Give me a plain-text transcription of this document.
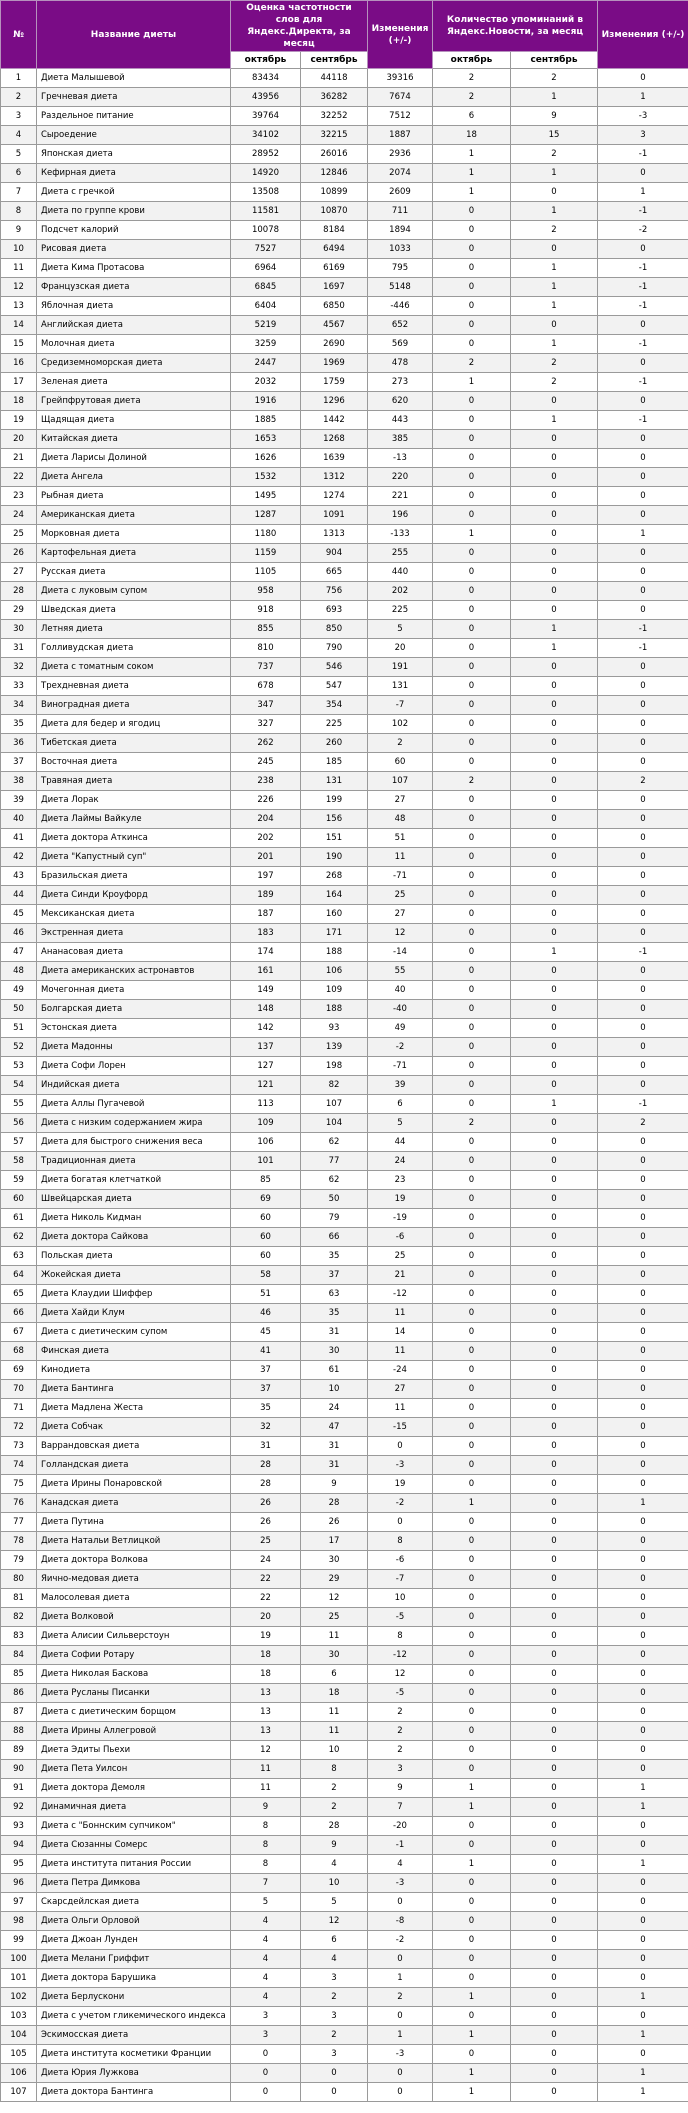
№	Название диеты	Оценка частотности слов для Яндекс.Директа, за месяц		Изменения (+/-)	Количество упоминаний в Яндекс.Новости, за месяц		Изменения (+/-)
		октябрь	сентябрь		октябрь	сентябрь	
1	Диета Малышевой	83434	44118	39316	2	2	0
2	Гречневая диета	43956	36282	7674	2	1	1
3	Раздельное питание	39764	32252	7512	6	9	-3
4	Сыроедение	34102	32215	1887	18	15	3
5	Японская диета	28952	26016	2936	1	2	-1
6	Кефирная диета	14920	12846	2074	1	1	0
7	Диета с гречкой	13508	10899	2609	1	0	1
8	Диета по группе крови	11581	10870	711	0	1	-1
9	Подсчет калорий	10078	8184	1894	0	2	-2
10	Рисовая диета	7527	6494	1033	0	0	0
11	Диета Кима Протасова	6964	6169	795	0	1	-1
12	Французская диета	6845	1697	5148	0	1	-1
13	Яблочная диета	6404	6850	-446	0	1	-1
14	Английская диета	5219	4567	652	0	0	0
15	Молочная диета	3259	2690	569	0	1	-1
16	Средиземноморская диета	2447	1969	478	2	2	0
17	Зеленая диета	2032	1759	273	1	2	-1
18	Грейпфрутовая диета	1916	1296	620	0	0	0
19	Щадящая диета	1885	1442	443	0	1	-1
20	Китайская диета	1653	1268	385	0	0	0
21	Диета Ларисы Долиной	1626	1639	-13	0	0	0
22	Диета Ангела	1532	1312	220	0	0	0
23	Рыбная диета	1495	1274	221	0	0	0
24	Американская диета	1287	1091	196	0	0	0
25	Морковная диета	1180	1313	-133	1	0	1
26	Картофельная диета	1159	904	255	0	0	0
27	Русская диета	1105	665	440	0	0	0
28	Диета с луковым супом	958	756	202	0	0	0
29	Шведская диета	918	693	225	0	0	0
30	Летняя диета	855	850	5	0	1	-1
31	Голливудская диета	810	790	20	0	1	-1
32	Диета с томатным соком	737	546	191	0	0	0
33	Трехдневная диета	678	547	131	0	0	0
34	Виноградная диета	347	354	-7	0	0	0
35	Диета для бедер и ягодиц	327	225	102	0	0	0
36	Тибетская диета	262	260	2	0	0	0
37	Восточная диета	245	185	60	0	0	0
38	Травяная диета	238	131	107	2	0	2
39	Диета Лорак	226	199	27	0	0	0
40	Диета Лаймы Вайкуле	204	156	48	0	0	0
41	Диета доктора Аткинса	202	151	51	0	0	0
42	Диета "Капустный суп"	201	190	11	0	0	0
43	Бразильская диета	197	268	-71	0	0	0
44	Диета Синди Кроуфорд	189	164	25	0	0	0
45	Мексиканская диета	187	160	27	0	0	0
46	Экстренная диета	183	171	12	0	0	0
47	Ананасовая диета	174	188	-14	0	1	-1
48	Диета американских астронавтов	161	106	55	0	0	0
49	Мочегонная диета	149	109	40	0	0	0
50	Болгарская диета	148	188	-40	0	0	0
51	Эстонская диета	142	93	49	0	0	0
52	Диета Мадонны	137	139	-2	0	0	0
53	Диета Софи Лорен	127	198	-71	0	0	0
54	Индийская диета	121	82	39	0	0	0
55	Диета Аллы Пугачевой	113	107	6	0	1	-1
56	Диета с низким содержанием жира	109	104	5	2	0	2
57	Диета для быстрого снижения веса	106	62	44	0	0	0
58	Традиционная диета	101	77	24	0	0	0
59	Диета богатая клетчаткой	85	62	23	0	0	0
60	Швейцарская диета	69	50	19	0	0	0
61	Диета Николь Кидман	60	79	-19	0	0	0
62	Диета доктора Сайкова	60	66	-6	0	0	0
63	Польская диета	60	35	25	0	0	0
64	Жокейская диета	58	37	21	0	0	0
65	Диета Клаудии Шиффер	51	63	-12	0	0	0
66	Диета Хайди Клум	46	35	11	0	0	0
67	Диета с диетическим супом	45	31	14	0	0	0
68	Финская диета	41	30	11	0	0	0
69	Кинодиета	37	61	-24	0	0	0
70	Диета Бантинга	37	10	27	0	0	0
71	Диета Мадлена Жеста	35	24	11	0	0	0
72	Диета Собчак	32	47	-15	0	0	0
73	Варрандовская диета	31	31	0	0	0	0
74	Голландская диета	28	31	-3	0	0	0
75	Диета Ирины Понаровской	28	9	19	0	0	0
76	Канадская диета	26	28	-2	1	0	1
77	Диета Путина	26	26	0	0	0	0
78	Диета Натальи Ветлицкой	25	17	8	0	0	0
79	Диета доктора Волкова	24	30	-6	0	0	0
80	Яично-медовая диета	22	29	-7	0	0	0
81	Малосолевая диета	22	12	10	0	0	0
82	Диета Волковой	20	25	-5	0	0	0
83	Диета Алисии Сильверстоун	19	11	8	0	0	0
84	Диета Софии Ротару	18	30	-12	0	0	0
85	Диета Николая Баскова	18	6	12	0	0	0
86	Диета Русланы Писанки	13	18	-5	0	0	0
87	Диета с диетическим борщом	13	11	2	0	0	0
88	Диета Ирины Аллегровой	13	11	2	0	0	0
89	Диета Эдиты Пьехи	12	10	2	0	0	0
90	Диета Пета Уилсон	11	8	3	0	0	0
91	Диета доктора Демоля	11	2	9	1	0	1
92	Динамичная диета	9	2	7	1	0	1
93	Диета с "Боннским супчиком"	8	28	-20	0	0	0
94	Диета Сюзанны Сомерс	8	9	-1	0	0	0
95	Диета института питания России	8	4	4	1	0	1
96	Диета Петра Димкова	7	10	-3	0	0	0
97	Скарсдейлская диета	5	5	0	0	0	0
98	Диета Ольги Орловой	4	12	-8	0	0	0
99	Диета Джоан Лунден	4	6	-2	0	0	0
100	Диета Мелани Гриффит	4	4	0	0	0	0
101	Диета доктора Барушика	4	3	1	0	0	0
102	Диета Берлускони	4	2	2	1	0	1
103	Диета с учетом гликемического индекса	3	3	0	0	0	0
104	Эскимосская диета	3	2	1	1	0	1
105	Диета института косметики Франции	0	3	-3	0	0	0
106	Диета Юрия Лужкова	0	0	0	1	0	1
107	Диета доктора Бантинга	0	0	0	1	0	1
